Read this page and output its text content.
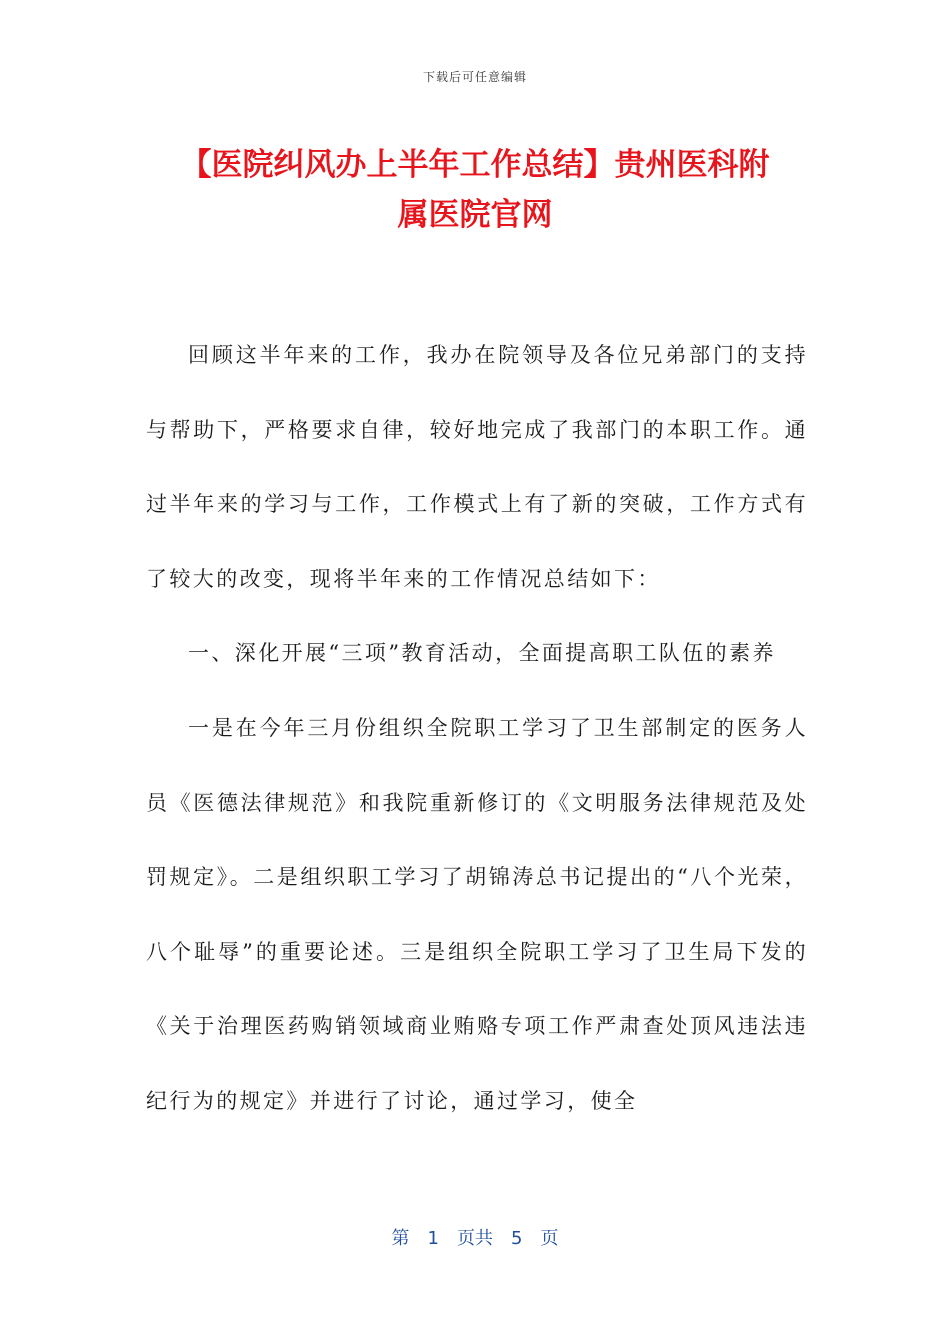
下载后可任意编辑
【医院纠风办上半年工作总结】贵州医科附
属医院官网

回顾这半年来的工作，我办在院领导及各位兄弟部门的支持与帮助下，严格要求自律，较好地完成了我部门的本职工作。通过半年来的学习与工作，工作模式上有了新的突破，工作方式有了较大的改变，现将半年来的工作情况总结如下：

一、深化开展“三项”教育活动，全面提高职工队伍的素养

一是在今年三月份组织全院职工学习了卫生部制定的医务人员《医德法律规范》和我院重新修订的《文明服务法律规范及处罚规定》。二是组织职工学习了胡锦涛总书记提出的“八个光荣，八个耻辱”的重要论述。三是组织全院职工学习了卫生局下发的《关于治理医药购销领域商业贿赂专项工作严肃查处顶风违法违纪行为的规定》并进行了讨论，通过学习，使全

第 1 页共 5 页
